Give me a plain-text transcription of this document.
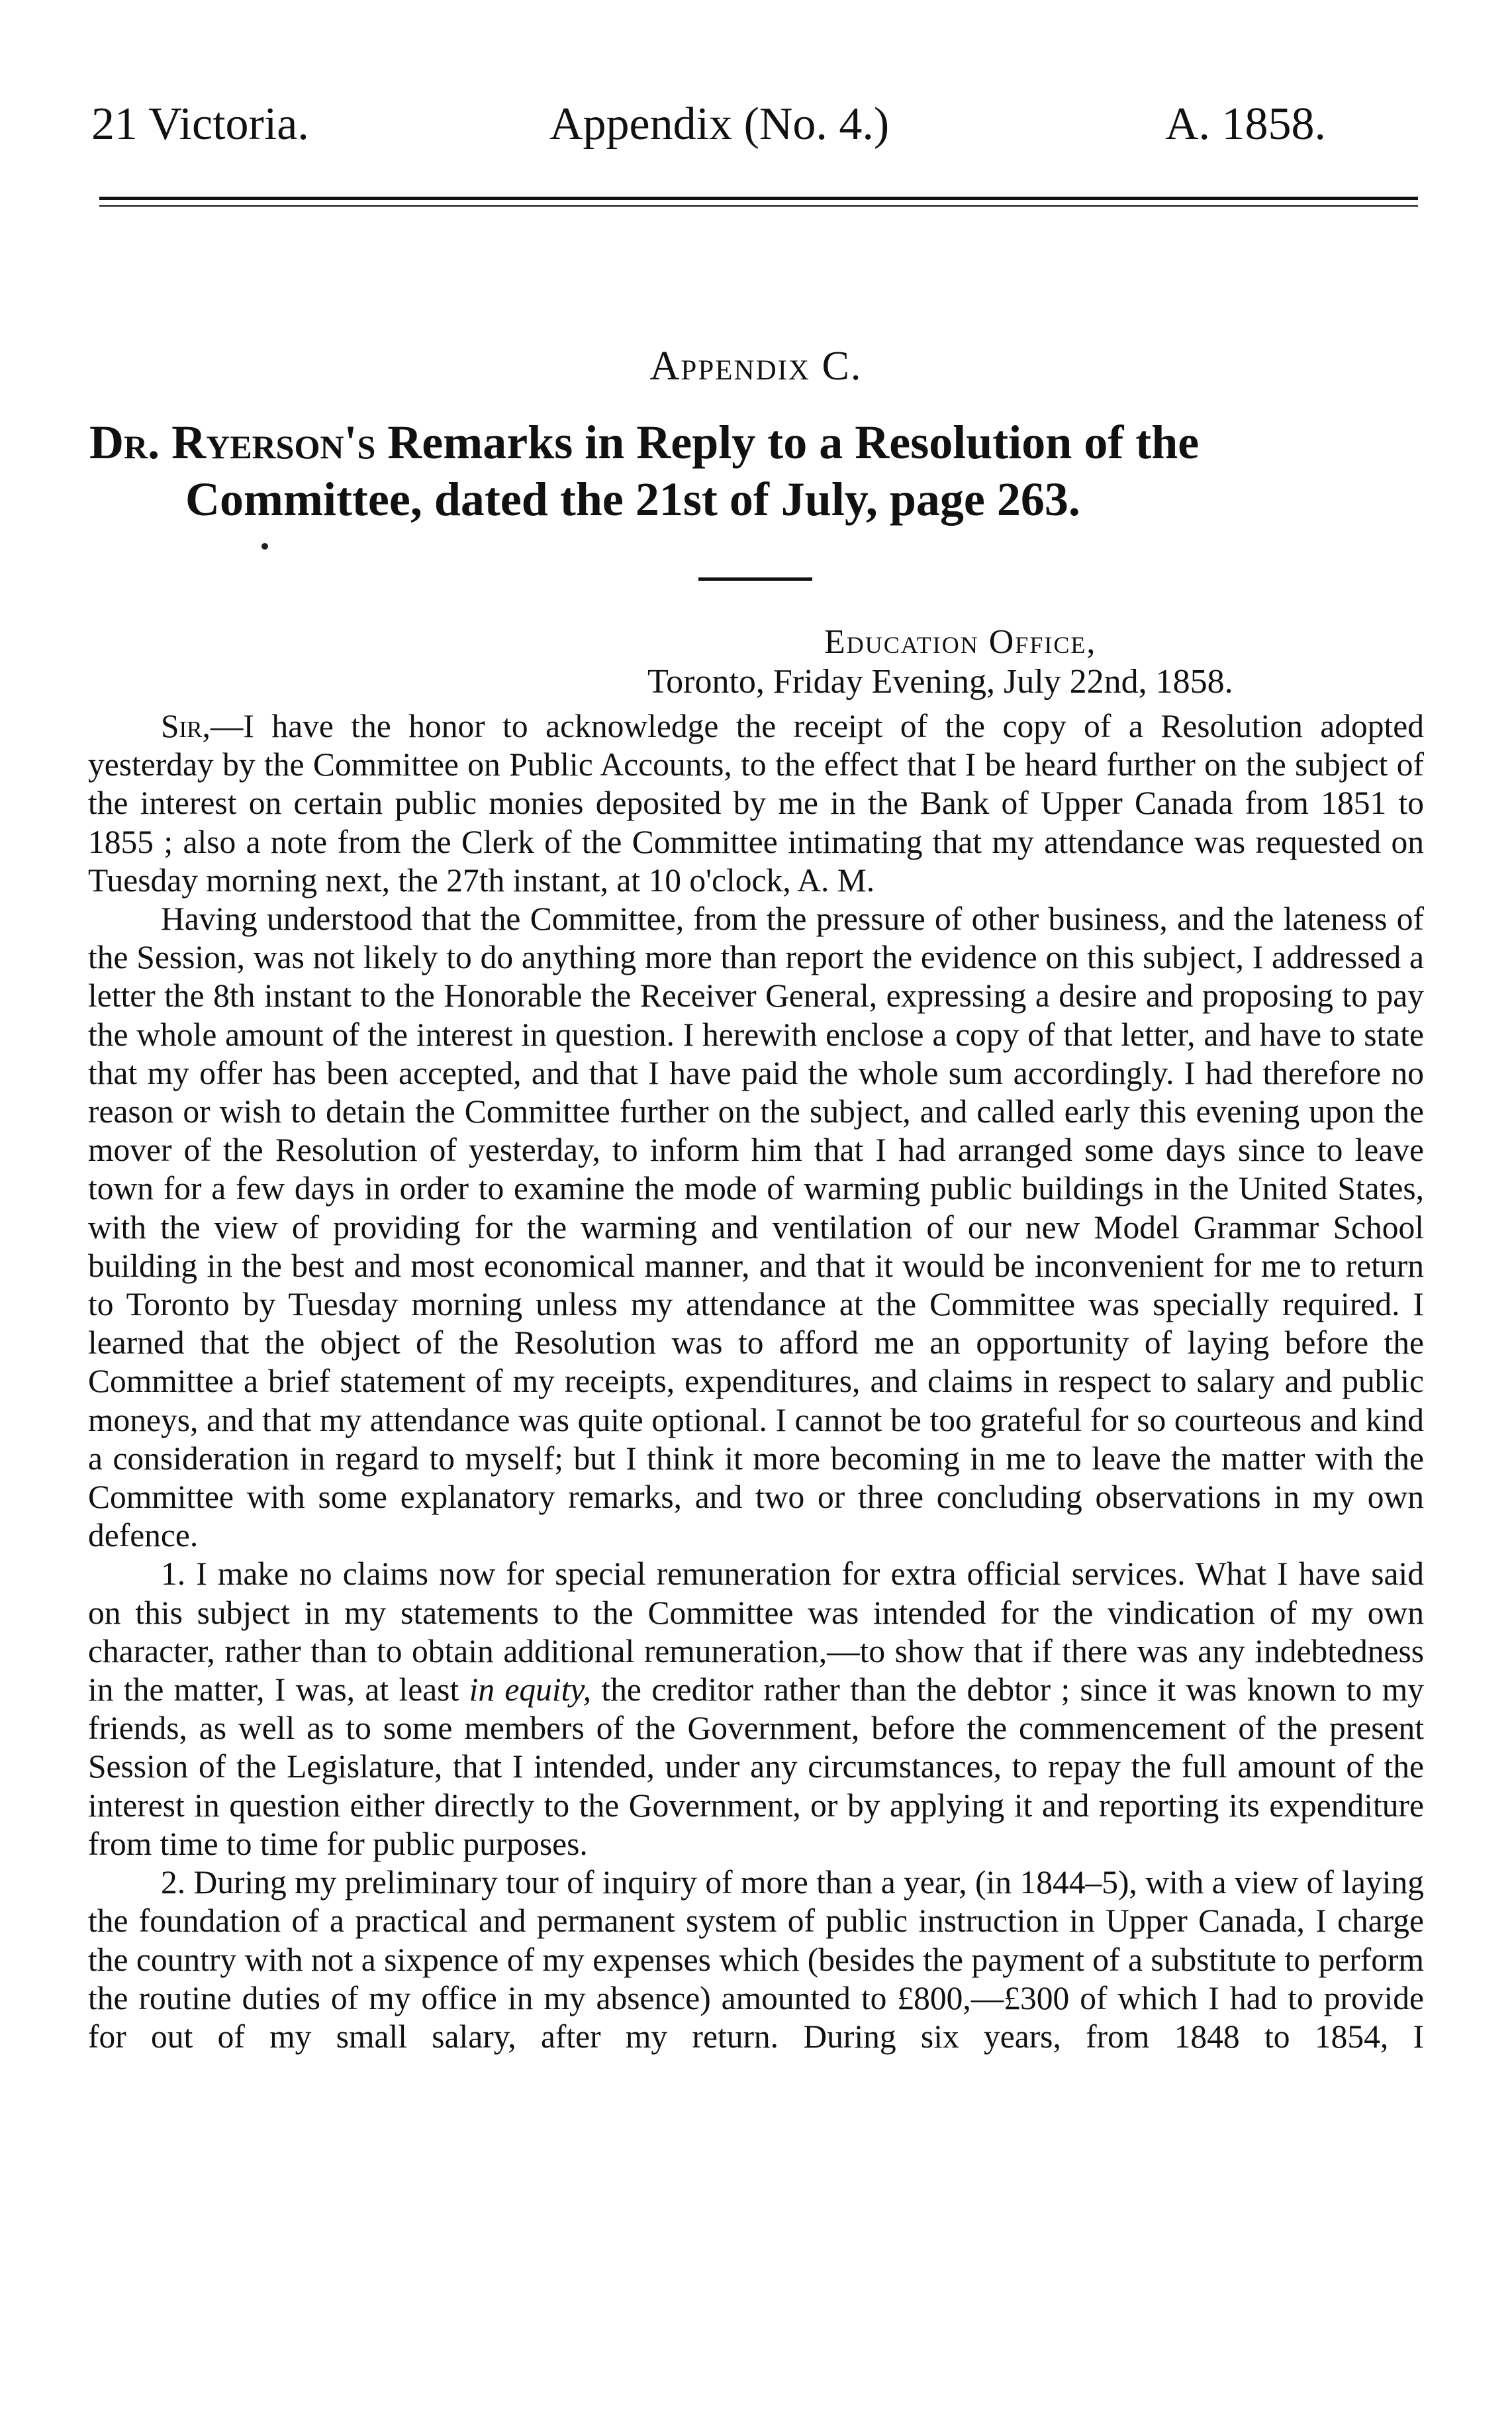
21 Victoria.	Appendix (No. 4.)	A. 1858.
Appendix C.
Dr. Ryerson's Remarks in Reply to a Resolution of the
Committee, dated the 21st of July, page 263.
Education Office,
Toronto, Friday Evening, July 22nd, 1858.

Sir,—I have the honor to acknowledge the receipt of the copy of a Resolution adopted yesterday by the Committee on Public Accounts, to the effect that I be heard further on the subject of the interest on certain public monies deposited by me in the Bank of Upper Canada from 1851 to 1855 ; also a note from the Clerk of the Committee intimating that my attendance was requested on Tuesday morning next, the 27th instant, at 10 o'clock, A. M.

Having understood that the Committee, from the pressure of other business, and the lateness of the Session, was not likely to do anything more than report the evidence on this subject, I addressed a letter the 8th instant to the Honorable the Receiver General, expressing a desire and proposing to pay the whole amount of the interest in question. I herewith enclose a copy of that letter, and have to state that my offer has been accepted, and that I have paid the whole sum accordingly. I had therefore no reason or wish to detain the Committee further on the subject, and called early this evening upon the mover of the Resolution of yesterday, to inform him that I had arranged some days since to leave town for a few days in order to examine the mode of warming public buildings in the United States, with the view of providing for the warming and ventilation of our new Model Grammar School building in the best and most economical manner, and that it would be inconvenient for me to return to Toronto by Tuesday morning unless my attendance at the Committee was specially required. I learned that the object of the Resolution was to afford me an opportunity of laying before the Committee a brief statement of my receipts, expenditures, and claims in respect to salary and public moneys, and that my attendance was quite optional. I cannot be too grateful for so courteous and kind a consideration in regard to myself; but I think it more becoming in me to leave the matter with the Committee with some explanatory remarks, and two or three concluding observations in my own defence.

1. I make no claims now for special remuneration for extra official services. What I have said on this subject in my statements to the Committee was intended for the vindication of my own character, rather than to obtain additional remuneration,—to show that if there was any indebtedness in the matter, I was, at least in equity, the creditor rather than the debtor ; since it was known to my friends, as well as to some members of the Government, before the commencement of the present Session of the Legislature, that I intended, under any circumstances, to repay the full amount of the interest in question either directly to the Government, or by applying it and reporting its expenditure from time to time for public purposes.

2. During my preliminary tour of inquiry of more than a year, (in 1844–5), with a view of laying the foundation of a practical and permanent system of public instruction in Upper Canada, I charge the country with not a sixpence of my expenses which (besides the payment of a substitute to perform the routine duties of my office in my absence) amounted to £800,—£300 of which I had to provide for out of my small salary, after my return. During six years, from 1848 to 1854, I
